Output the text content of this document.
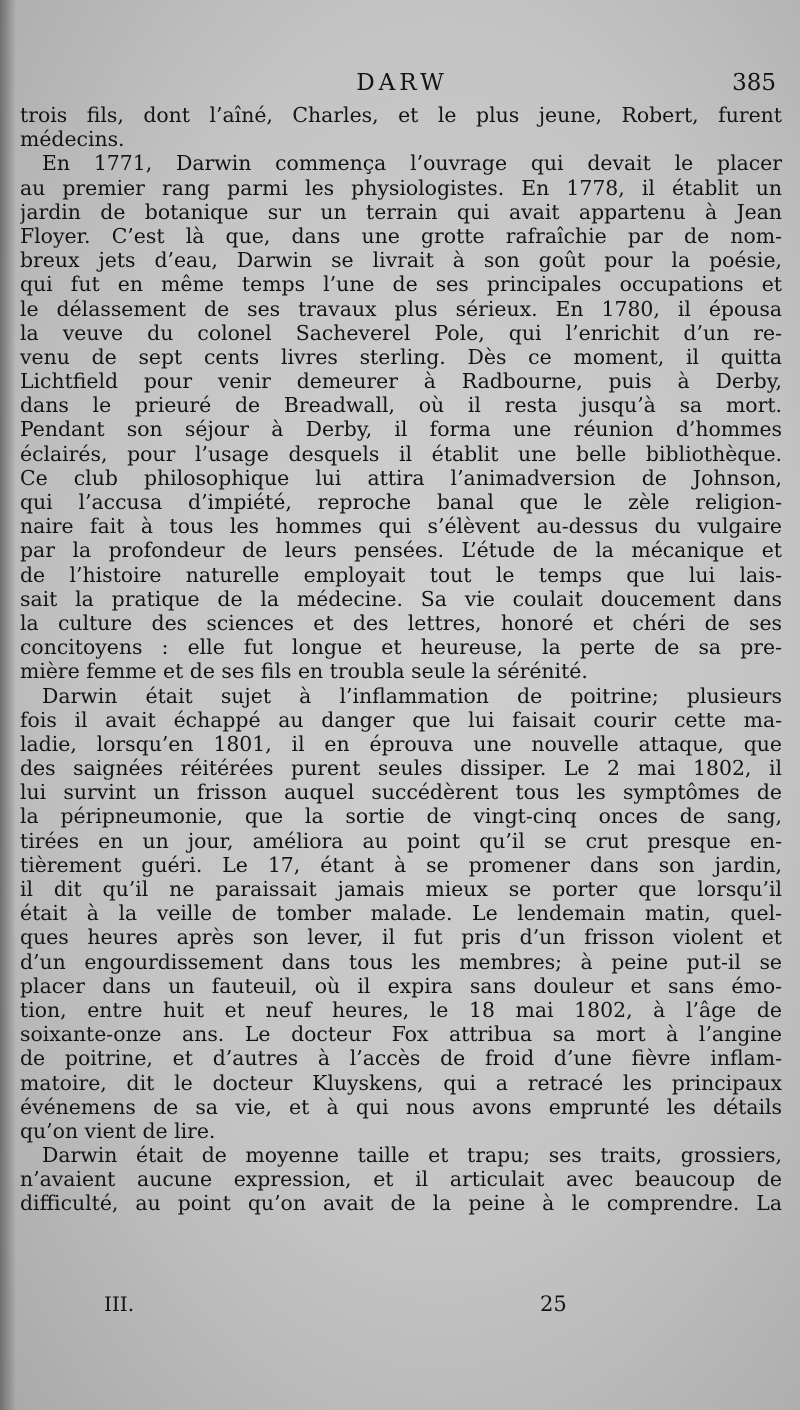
DARW	385
trois fils, dont l’aîné, Charles, et le plus jeune, Robert, furent
médecins.
En 1771, Darwin commença l’ouvrage qui devait le placer
au premier rang parmi les physiologistes. En 1778, il établit un
jardin de botanique sur un terrain qui avait appartenu à Jean
Floyer. C’est là que, dans une grotte rafraîchie par de nom-
breux jets d’eau, Darwin se livrait à son goût pour la poésie,
qui fut en même temps l’une de ses principales occupations et
le délassement de ses travaux plus sérieux. En 1780, il épousa
la veuve du colonel Sacheverel Pole, qui l’enrichit d’un re-
venu de sept cents livres sterling. Dès ce moment, il quitta
Lichtfield pour venir demeurer à Radbourne, puis à Derby,
dans le prieuré de Breadwall, où il resta jusqu’à sa mort.
Pendant son séjour à Derby, il forma une réunion d’hommes
éclairés, pour l’usage desquels il établit une belle bibliothèque.
Ce club philosophique lui attira l’animadversion de Johnson,
qui l’accusa d’impiété, reproche banal que le zèle religion-
naire fait à tous les hommes qui s’élèvent au-dessus du vulgaire
par la profondeur de leurs pensées. L’étude de la mécanique et
de l’histoire naturelle employait tout le temps que lui lais-
sait la pratique de la médecine. Sa vie coulait doucement dans
la culture des sciences et des lettres, honoré et chéri de ses
concitoyens : elle fut longue et heureuse, la perte de sa pre-
mière femme et de ses fils en troubla seule la sérénité.
Darwin était sujet à l’inflammation de poitrine; plusieurs
fois il avait échappé au danger que lui faisait courir cette ma-
ladie, lorsqu’en 1801, il en éprouva une nouvelle attaque, que
des saignées réitérées purent seules dissiper. Le 2 mai 1802, il
lui survint un frisson auquel succédèrent tous les symptômes de
la péripneumonie, que la sortie de vingt-cinq onces de sang,
tirées en un jour, améliora au point qu’il se crut presque en-
tièrement guéri. Le 17, étant à se promener dans son jardin,
il dit qu’il ne paraissait jamais mieux se porter que lorsqu’il
était à la veille de tomber malade. Le lendemain matin, quel-
ques heures après son lever, il fut pris d’un frisson violent et
d’un engourdissement dans tous les membres; à peine put-il se
placer dans un fauteuil, où il expira sans douleur et sans émo-
tion, entre huit et neuf heures, le 18 mai 1802, à l’âge de
soixante-onze ans. Le docteur Fox attribua sa mort à l’angine
de poitrine, et d’autres à l’accès de froid d’une fièvre inflam-
matoire, dit le docteur Kluyskens, qui a retracé les principaux
événemens de sa vie, et à qui nous avons emprunté les détails
qu’on vient de lire.
Darwin était de moyenne taille et trapu; ses traits, grossiers,
n’avaient aucune expression, et il articulait avec beaucoup de
difficulté, au point qu’on avait de la peine à le comprendre. La
III.	25
